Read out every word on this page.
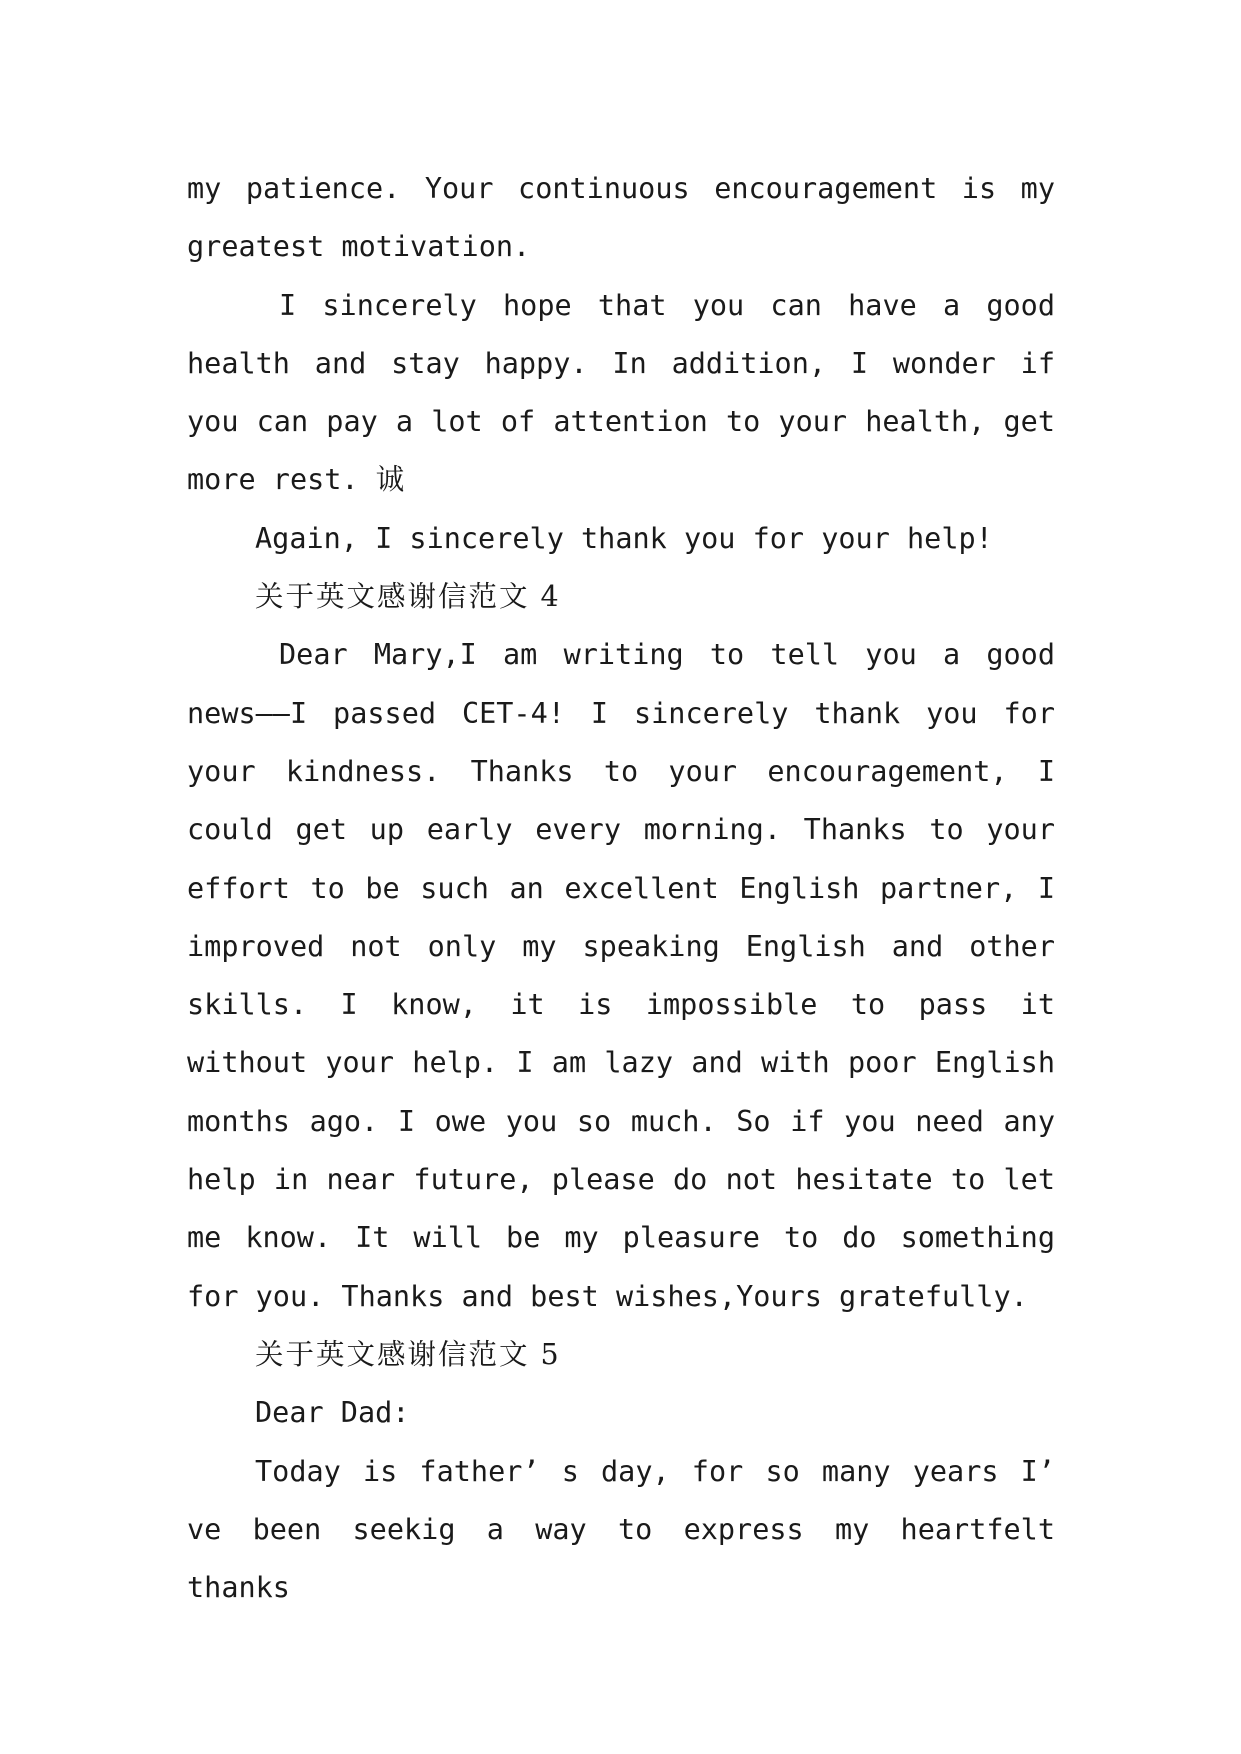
my patience. Your continuous encouragement is my greatest motivation.

I sincerely hope that you can have a good health and stay happy. In addition, I wonder if you can pay a lot of attention to your health, get more rest. 诚

Again, I sincerely thank you for your help!

关于英文感谢信范文 4

Dear Mary,I am writing to tell you a good news——I passed CET-4! I sincerely thank you for your kindness. Thanks to your encouragement, I could get up early every morning. Thanks to your effort to be such an excellent English partner, I improved not only my speaking English and other skills. I know, it is impossible to pass it without your help. I am lazy and with poor English months ago. I owe you so much. So if you need any help in near future, please do not hesitate to let me know. It will be my pleasure to do something for you. Thanks and best wishes,Yours gratefully.

关于英文感谢信范文 5

Dear Dad:

Today is father’ s day, for so many years I’ ve been seekig a way to express my heartfelt thanks
